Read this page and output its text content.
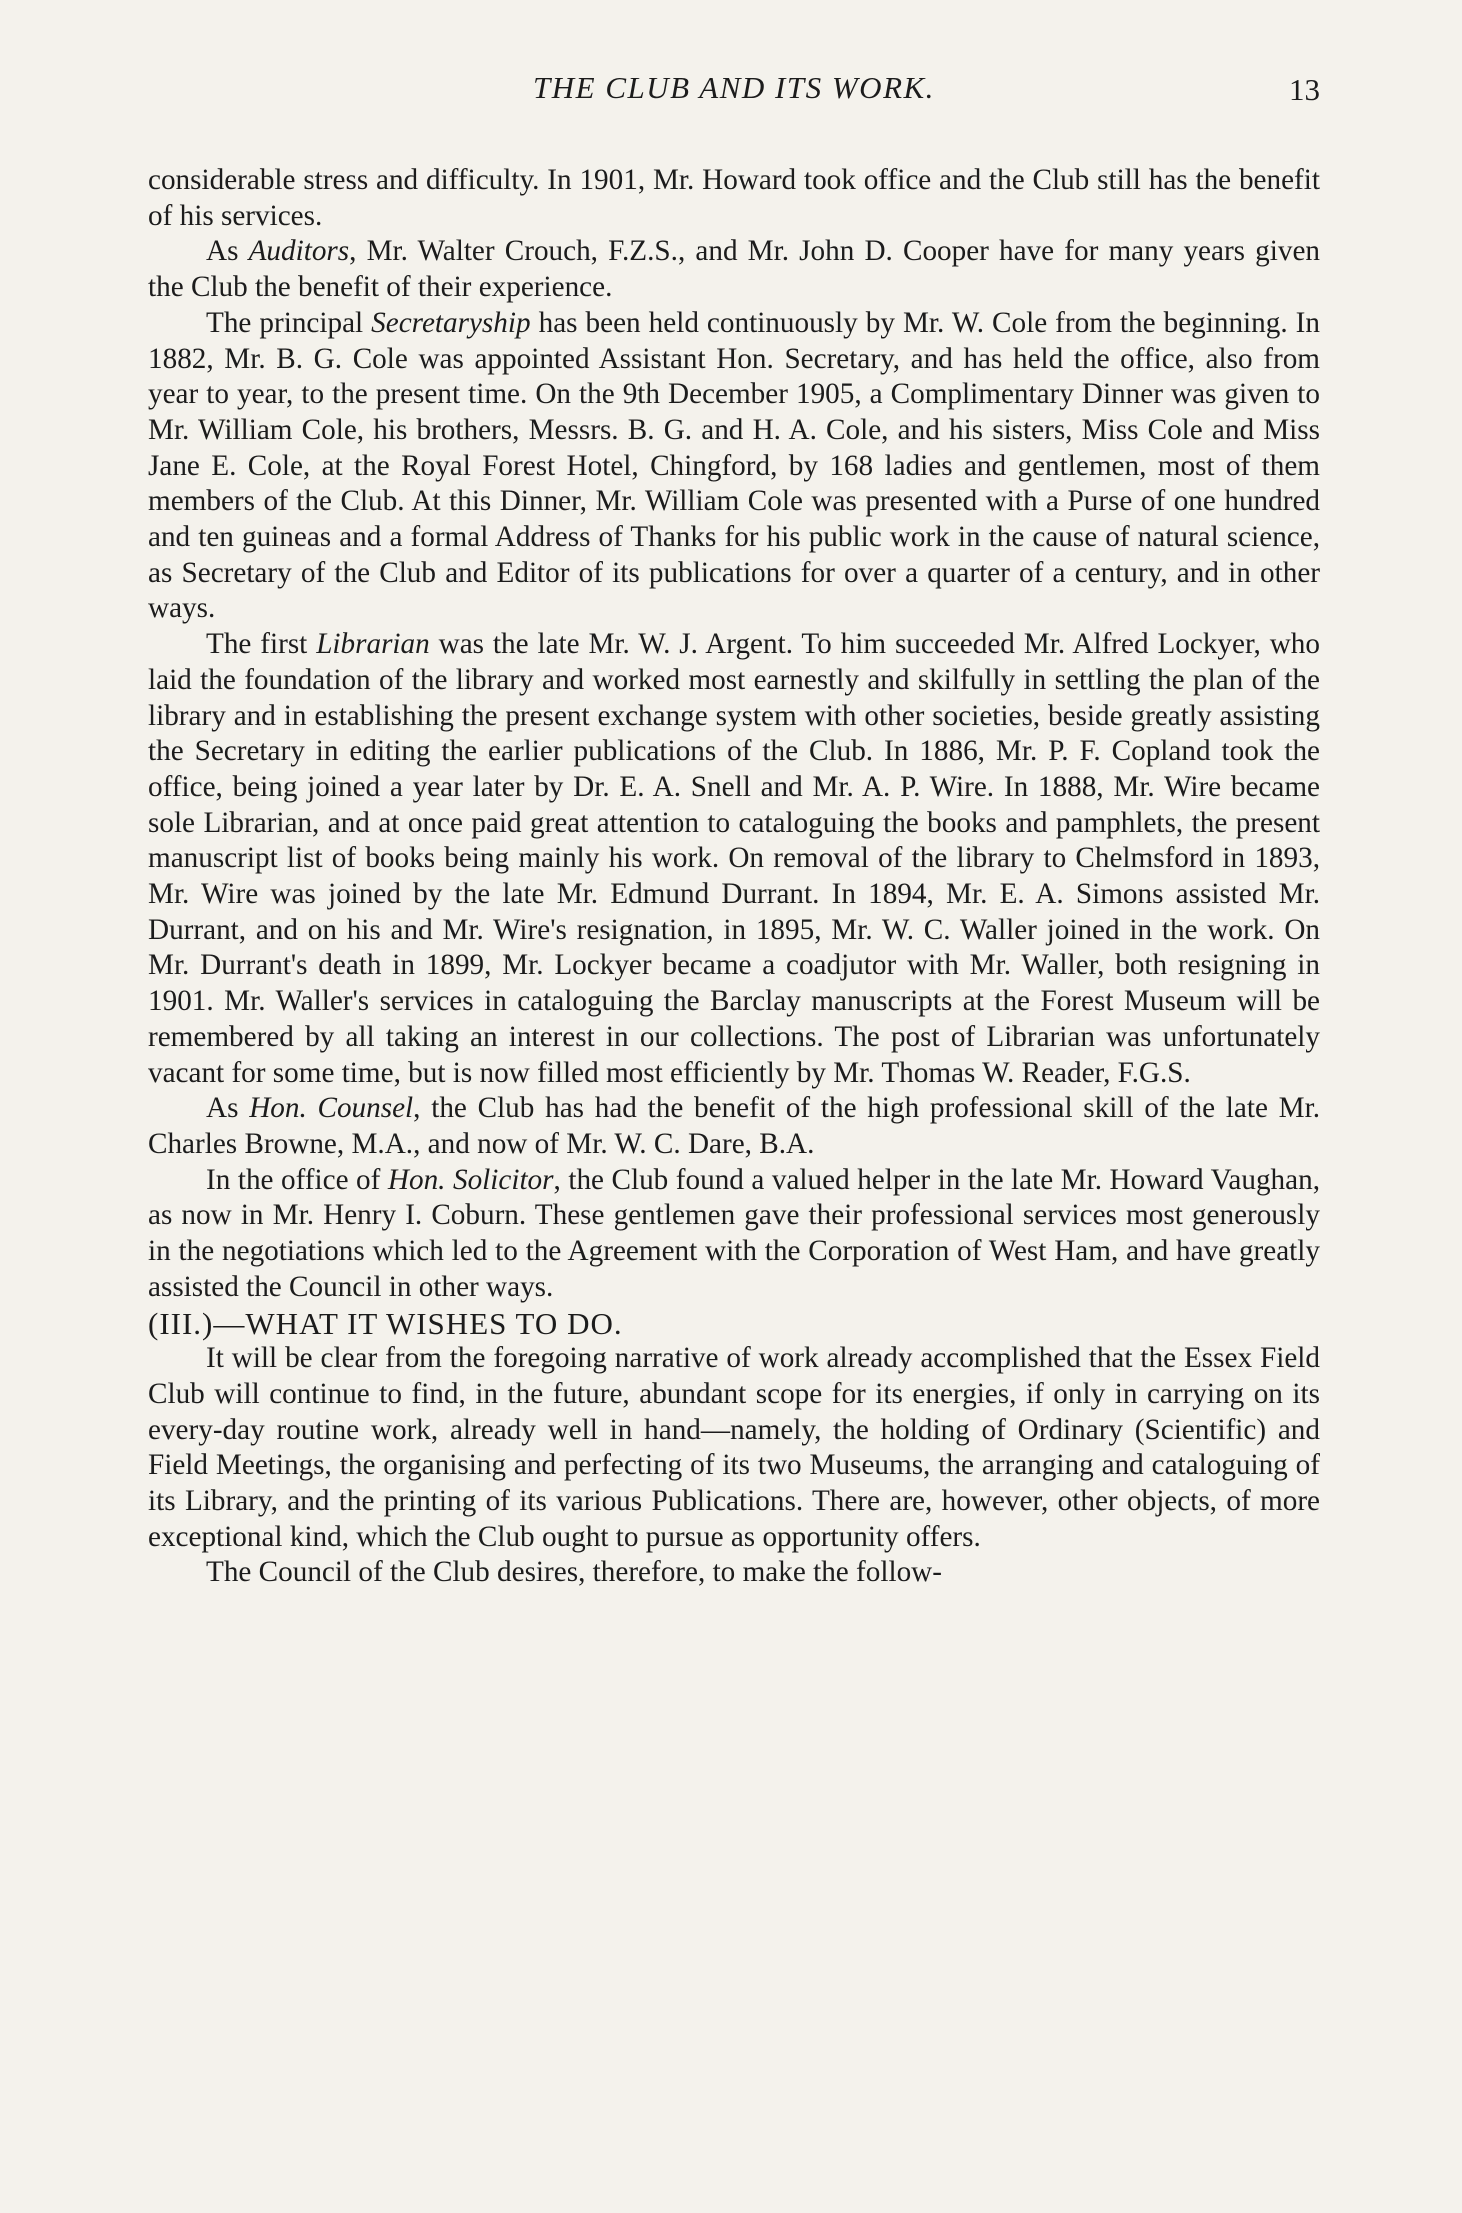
THE CLUB AND ITS WORK.	13

considerable stress and difficulty. In 1901, Mr. Howard took office and the Club still has the benefit of his services.

As Auditors, Mr. Walter Crouch, F.Z.S., and Mr. John D. Cooper have for many years given the Club the benefit of their experience.

The principal Secretaryship has been held continuously by Mr. W. Cole from the beginning. In 1882, Mr. B. G. Cole was appointed Assistant Hon. Secretary, and has held the office, also from year to year, to the present time. On the 9th December 1905, a Complimentary Dinner was given to Mr. William Cole, his brothers, Messrs. B. G. and H. A. Cole, and his sisters, Miss Cole and Miss Jane E. Cole, at the Royal Forest Hotel, Chingford, by 168 ladies and gentlemen, most of them members of the Club. At this Dinner, Mr. William Cole was presented with a Purse of one hundred and ten guineas and a formal Address of Thanks for his public work in the cause of natural science, as Secretary of the Club and Editor of its publications for over a quarter of a century, and in other ways.

The first Librarian was the late Mr. W. J. Argent. To him succeeded Mr. Alfred Lockyer, who laid the foundation of the library and worked most earnestly and skilfully in settling the plan of the library and in establishing the present exchange system with other societies, beside greatly assisting the Secretary in editing the earlier publications of the Club. In 1886, Mr. P. F. Copland took the office, being joined a year later by Dr. E. A. Snell and Mr. A. P. Wire. In 1888, Mr. Wire became sole Librarian, and at once paid great attention to cataloguing the books and pamphlets, the present manuscript list of books being mainly his work. On removal of the library to Chelmsford in 1893, Mr. Wire was joined by the late Mr. Edmund Durrant. In 1894, Mr. E. A. Simons assisted Mr. Durrant, and on his and Mr. Wire's resignation, in 1895, Mr. W. C. Waller joined in the work. On Mr. Durrant's death in 1899, Mr. Lockyer became a coadjutor with Mr. Waller, both resigning in 1901. Mr. Waller's services in cataloguing the Barclay manuscripts at the Forest Museum will be remembered by all taking an interest in our collections. The post of Librarian was unfortunately vacant for some time, but is now filled most efficiently by Mr. Thomas W. Reader, F.G.S.

As Hon. Counsel, the Club has had the benefit of the high professional skill of the late Mr. Charles Browne, M.A., and now of Mr. W. C. Dare, B.A.

In the office of Hon. Solicitor, the Club found a valued helper in the late Mr. Howard Vaughan, as now in Mr. Henry I. Coburn. These gentlemen gave their professional services most generously in the negotiations which led to the Agreement with the Corporation of West Ham, and have greatly assisted the Council in other ways.

(III.)—WHAT IT WISHES TO DO.

It will be clear from the foregoing narrative of work already accomplished that the Essex Field Club will continue to find, in the future, abundant scope for its energies, if only in carrying on its every-day routine work, already well in hand—namely, the holding of Ordinary (Scientific) and Field Meetings, the organising and perfecting of its two Museums, the arranging and cataloguing of its Library, and the printing of its various Publications. There are, however, other objects, of more exceptional kind, which the Club ought to pursue as opportunity offers.

The Council of the Club desires, therefore, to make the follow-
